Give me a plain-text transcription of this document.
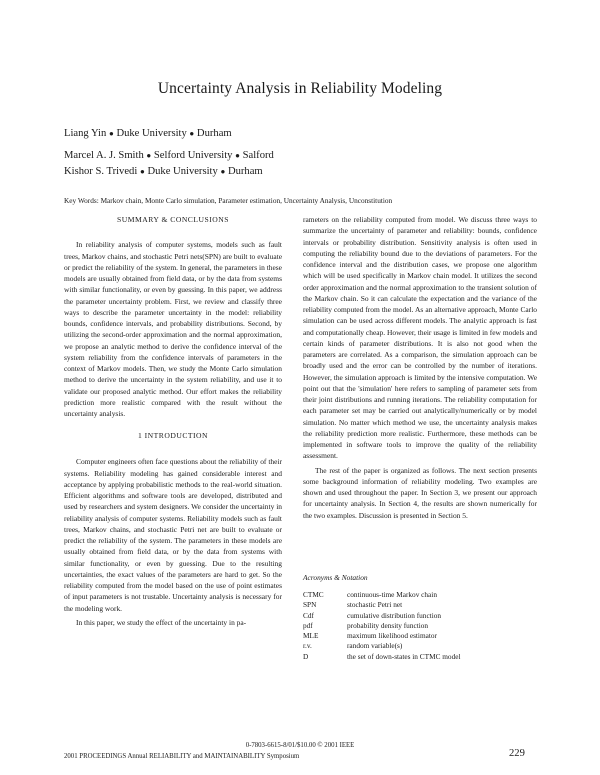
Uncertainty Analysis in Reliability Modeling
Liang Yin ● Duke University ● Durham
Marcel A. J. Smith ● Selford University ● Salford
Kishor S. Trivedi ● Duke University ● Durham
Key Words: Markov chain, Monte Carlo simulation, Parameter estimation, Uncertainty Analysis, Unconstitution
SUMMARY & CONCLUSIONS

In reliability analysis of computer systems, models such as fault trees, Markov chains, and stochastic Petri nets(SPN) are built to evaluate or predict the reliability of the system. In general, the parameters in these models are usually obtained from field data, or by the data from systems with similar functionality, or even by guessing. In this paper, we address the parameter uncertainty problem. First, we review and classify three ways to describe the parameter uncertainty in the model: reliability bounds, confidence intervals, and probability distributions. Second, by utilizing the second-order approximation and the normal approximation, we propose an analytic method to derive the confidence interval of the system reliability from the confidence intervals of parameters in the context of Markov models. Then, we study the Monte Carlo simulation method to derive the uncertainty in the system reliability, and use it to validate our proposed analytic method. Our effort makes the reliability prediction more realistic compared with the result without the uncertainty analysis.

1 INTRODUCTION

Computer engineers often face questions about the reliability of their systems. Reliability modeling has gained considerable interest and acceptance by applying probabilistic methods to the real-world situation. Efficient algorithms and software tools are developed, distributed and used by researchers and system designers. We consider the uncertainty in reliability analysis of computer systems. Reliability models such as fault trees, Markov chains, and stochastic Petri net are built to evaluate or predict the reliability of the system. The parameters in these models are usually obtained from field data, or by the data from systems with similar functionality, or even by guessing. Due to the resulting uncertainties, the exact values of the parameters are hard to get. So the reliability computed from the model based on the use of point estimates of input parameters is not trustable. Uncertainty analysis is necessary for the modeling work.

In this paper, we study the effect of the uncertainty in pa-

rameters on the reliability computed from model. We discuss three ways to summarize the uncertainty of parameter and reliability: bounds, confidence intervals or probability distribution. Sensitivity analysis is often used in computing the reliability bound due to the deviations of parameters. For the confidence interval and the distribution cases, we propose one algorithm which will be used specifically in Markov chain model. It utilizes the second order approximation and the normal approximation to the transient solution of the Markov chain. So it can calculate the expectation and the variance of the reliability computed from the model. As an alternative approach, Monte Carlo simulation can be used across different models. The analytic approach is fast and computationally cheap. However, their usage is limited in few models and certain kinds of parameter distributions. It is also not good when the parameters are correlated. As a comparison, the simulation approach can be broadly used and the error can be controlled by the number of iterations. However, the simulation approach is limited by the intensive computation. We point out that the 'simulation' here refers to sampling of parameter sets from their joint distributions and running iterations. The reliability computation for each parameter set may be carried out analytically/numerically or by model simulation. No matter which method we use, the uncertainty analysis makes the reliability prediction more realistic. Furthermore, these methods can be implemented in software tools to improve the quality of the reliability assessment.

The rest of the paper is organized as follows. The next section presents some background information of reliability modeling. Two examples are shown and used throughout the paper. In Section 3, we present our approach for uncertainty analysis. In Section 4, the results are shown numerically for the two examples. Discussion is presented in Section 5.

Acronyms & Notation
CTMC	continuous-time Markov chain
SPN	stochastic Petri net
Cdf	cumulative distribution function
pdf	probability density function
MLE	maximum likelihood estimator
r.v.	random variable(s)
D	the set of down-states in CTMC model
0-7803-6615-8/01/$10.00 © 2001 IEEE
2001 PROCEEDINGS Annual RELIABILITY and MAINTAINABILITY Symposium	229
